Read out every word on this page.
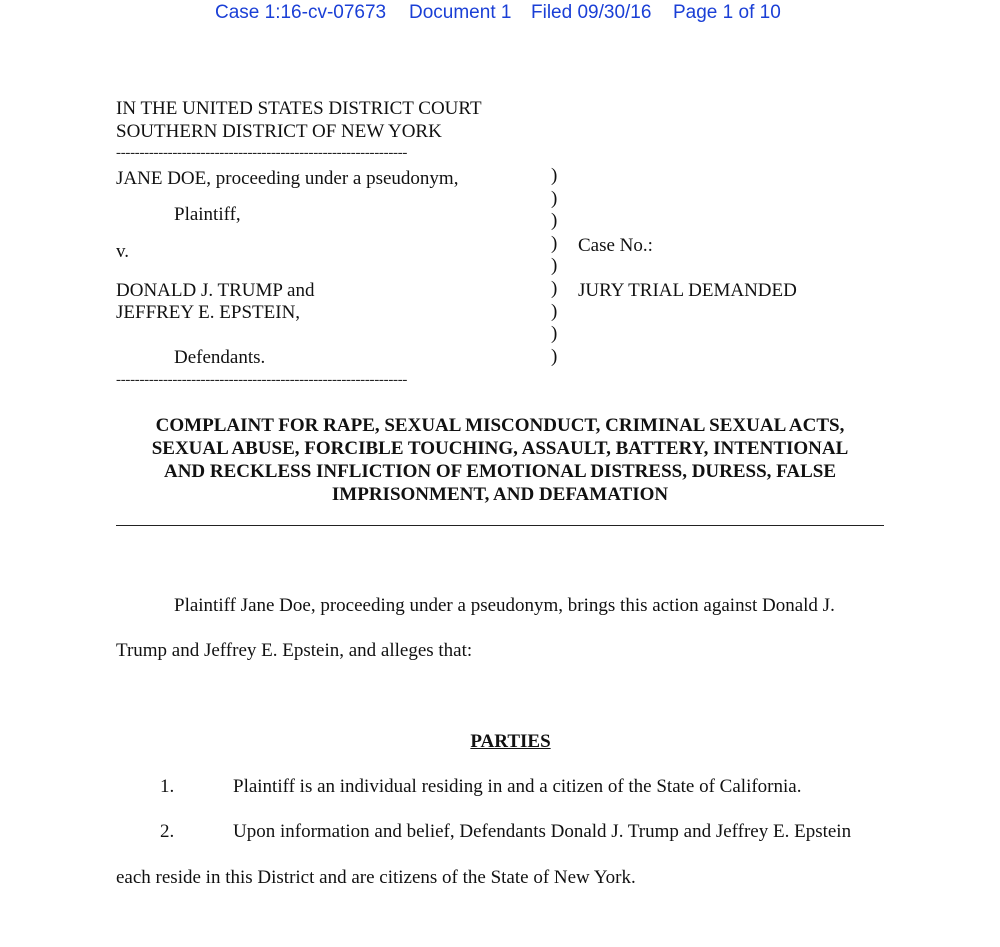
Case 1:16-cv-07673 Document 1 Filed 09/30/16 Page 1 of 10
IN THE UNITED STATES DISTRICT COURT
SOUTHERN DISTRICT OF NEW YORK
--------------------------------------------------------------
JANE DOE, proceeding under a pseudonym,
Plaintiff,
v.
DONALD J. TRUMP and
JEFFREY E. EPSTEIN,
Defendants.
--------------------------------------------------------------
)
)
)
)
)
)
)
)
)
Case No.:
JURY TRIAL DEMANDED
COMPLAINT FOR RAPE, SEXUAL MISCONDUCT, CRIMINAL SEXUAL ACTS,
SEXUAL ABUSE, FORCIBLE TOUCHING, ASSAULT, BATTERY, INTENTIONAL
AND RECKLESS INFLICTION OF EMOTIONAL DISTRESS, DURESS, FALSE
IMPRISONMENT, AND DEFAMATION
Plaintiff Jane Doe, proceeding under a pseudonym, brings this action against Donald J.
Trump and Jeffrey E. Epstein, and alleges that:
PARTIES
1.	Plaintiff is an individual residing in and a citizen of the State of California.
2.	Upon information and belief, Defendants Donald J. Trump and Jeffrey E. Epstein
each reside in this District and are citizens of the State of New York.
